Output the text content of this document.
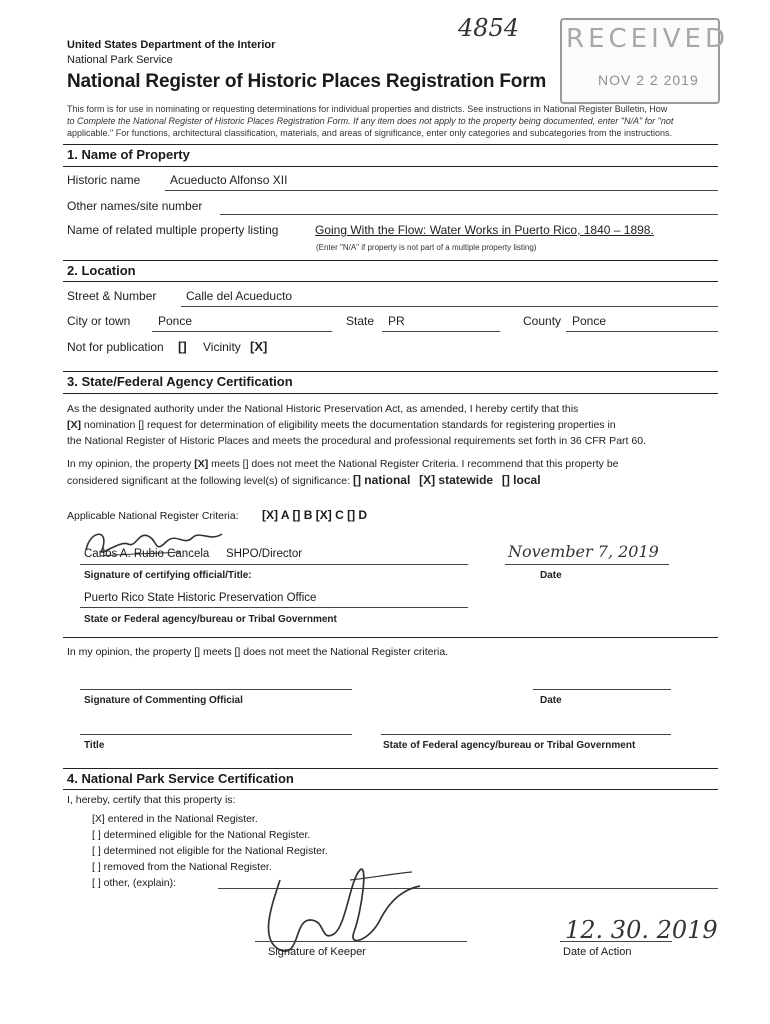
4854
United States Department of the Interior
National Park Service
National Register of Historic Places Registration Form
RECEIVED
NOV 2 2 2019
This form is for use in nominating or requesting determinations for individual properties and districts. See instructions in National Register Bulletin, How
to Complete the National Register of Historic Places Registration Form. If any item does not apply to the property being documented, enter "N/A" for "not
applicable." For functions, architectural classification, materials, and areas of significance, enter only categories and subcategories from the instructions.
1. Name of Property
Historic name Acueducto Alfonso XII
Other names/site number
Name of related multiple property listing	Going With the Flow: Water Works in Puerto Rico, 1840 – 1898.
(Enter "N/A" if property is not part of a multiple property listing)
2. Location
Street & Number Calle del Acueducto
City or town Ponce	State PR	County Ponce
Not for publication [] Vicinity [X]
3. State/Federal Agency Certification
As the designated authority under the National Historic Preservation Act, as amended, I hereby certify that this
[X] nomination [] request for determination of eligibility meets the documentation standards for registering properties in
the National Register of Historic Places and meets the procedural and professional requirements set forth in 36 CFR Part 60.
In my opinion, the property [X] meets [] does not meet the National Register Criteria. I recommend that this property be
considered significant at the following level(s) of significance: [] national [X] statewide [] local
Applicable National Register Criteria: [X] A [] B [X] C [] D
Carlos A. Rubio Cancela SHPO/Director	November 7, 2019
Signature of certifying official/Title:	Date
Puerto Rico State Historic Preservation Office
State or Federal agency/bureau or Tribal Government
In my opinion, the property [] meets [] does not meet the National Register criteria.
Signature of Commenting Official	Date
Title	State of Federal agency/bureau or Tribal Government
4. National Park Service Certification
I, hereby, certify that this property is:
[X] entered in the National Register.
[ ] determined eligible for the National Register.
[ ] determined not eligible for the National Register.
[ ] removed from the National Register.
[ ] other, (explain):
Signature of Keeper
12. 30. 2019
Date of Action
